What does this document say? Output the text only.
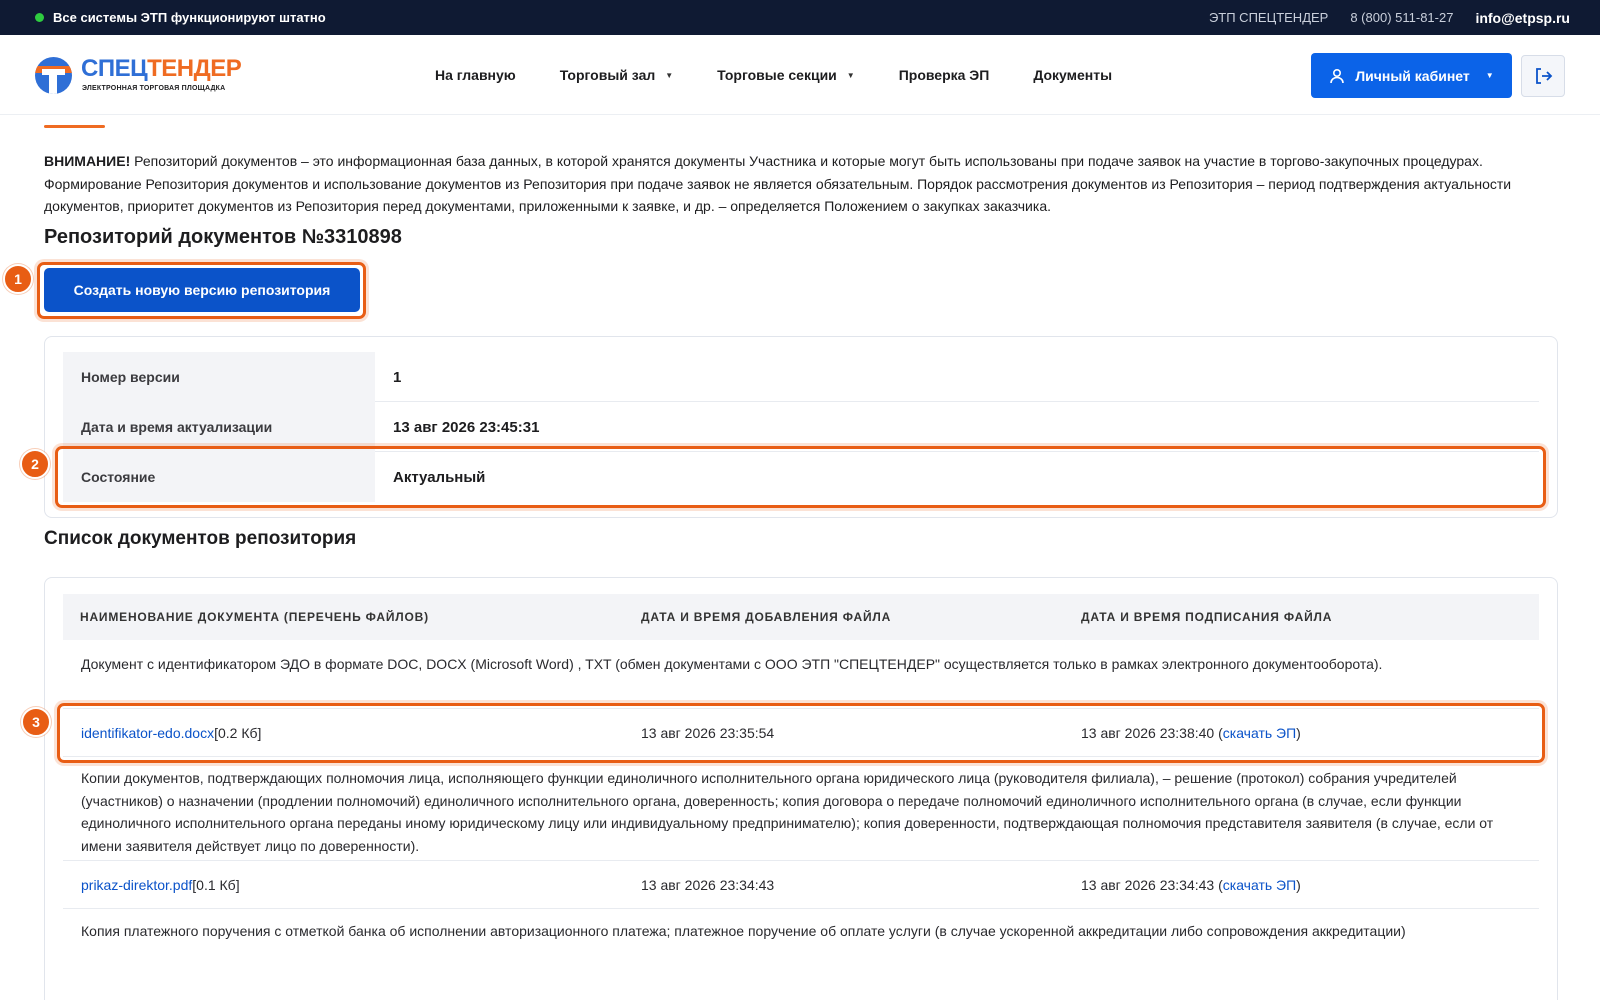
Все системы ЭТП функционируют штатно	ЭТП СПЕЦТЕНДЕР 8 (800) 511-81-27 info@etpsp.ru
СПЕЦТЕНДЕР
ЭЛЕКТРОННАЯ ТОРГОВАЯ ПЛОЩАДКА
На главную	Торговый зал ▼	Торговые секции ▼	Проверка ЭП	Документы	Личный кабинет ▼
ВНИМАНИЕ! Репозиторий документов – это информационная база данных, в которой хранятся документы Участника и которые могут быть использованы при подаче заявок на участие в торгово-закупочных процедурах. Формирование Репозитория документов и использование документов из Репозитория при подаче заявок не является обязательным. Порядок рассмотрения документов из Репозитория – период подтверждения актуальности документов, приоритет документов из Репозитория перед документами, приложенными к заявке, и др. – определяется Положением о закупках заказчика.
Репозиторий документов №3310898
1
Создать новую версию репозитория
Номер версии	1
Дата и время актуализации	13 авг 2026 23:45:31
Состояние	Актуальный
2
Список документов репозитория
НАИМЕНОВАНИЕ ДОКУМЕНТА (ПЕРЕЧЕНЬ ФАЙЛОВ)	ДАТА И ВРЕМЯ ДОБАВЛЕНИЯ ФАЙЛА	ДАТА И ВРЕМЯ ПОДПИСАНИЯ ФАЙЛА
Документ с идентификатором ЭДО в формате DOC, DOCX (Microsoft Word) , TXT (обмен документами с ООО ЭТП "СПЕЦТЕНДЕР" осуществляется только в рамках электронного документооборота).
identifikator-edo.docx [0.2 Кб]	13 авг 2026 23:35:54	13 авг 2026 23:38:40 ( скачать ЭП )
Копии документов, подтверждающих полномочия лица, исполняющего функции единоличного исполнительного органа юридического лица (руководителя филиала), – решение (протокол) собрания учредителей (участников) о назначении (продлении полномочий) единоличного исполнительного органа, доверенность; копия договора о передаче полномочий единоличного исполнительного органа (в случае, если функции единоличного исполнительного органа переданы иному юридическому лицу или индивидуальному предпринимателю); копия доверенности, подтверждающая полномочия представителя заявителя (в случае, если от имени заявителя действует лицо по доверенности).
prikaz-direktor.pdf [0.1 Кб]	13 авг 2026 23:34:43	13 авг 2026 23:34:43 ( скачать ЭП )
Копия платежного поручения с отметкой банка об исполнении авторизационного платежа; платежное поручение об оплате услуги (в случае ускоренной аккредитации либо сопровождения аккредитации)
3
